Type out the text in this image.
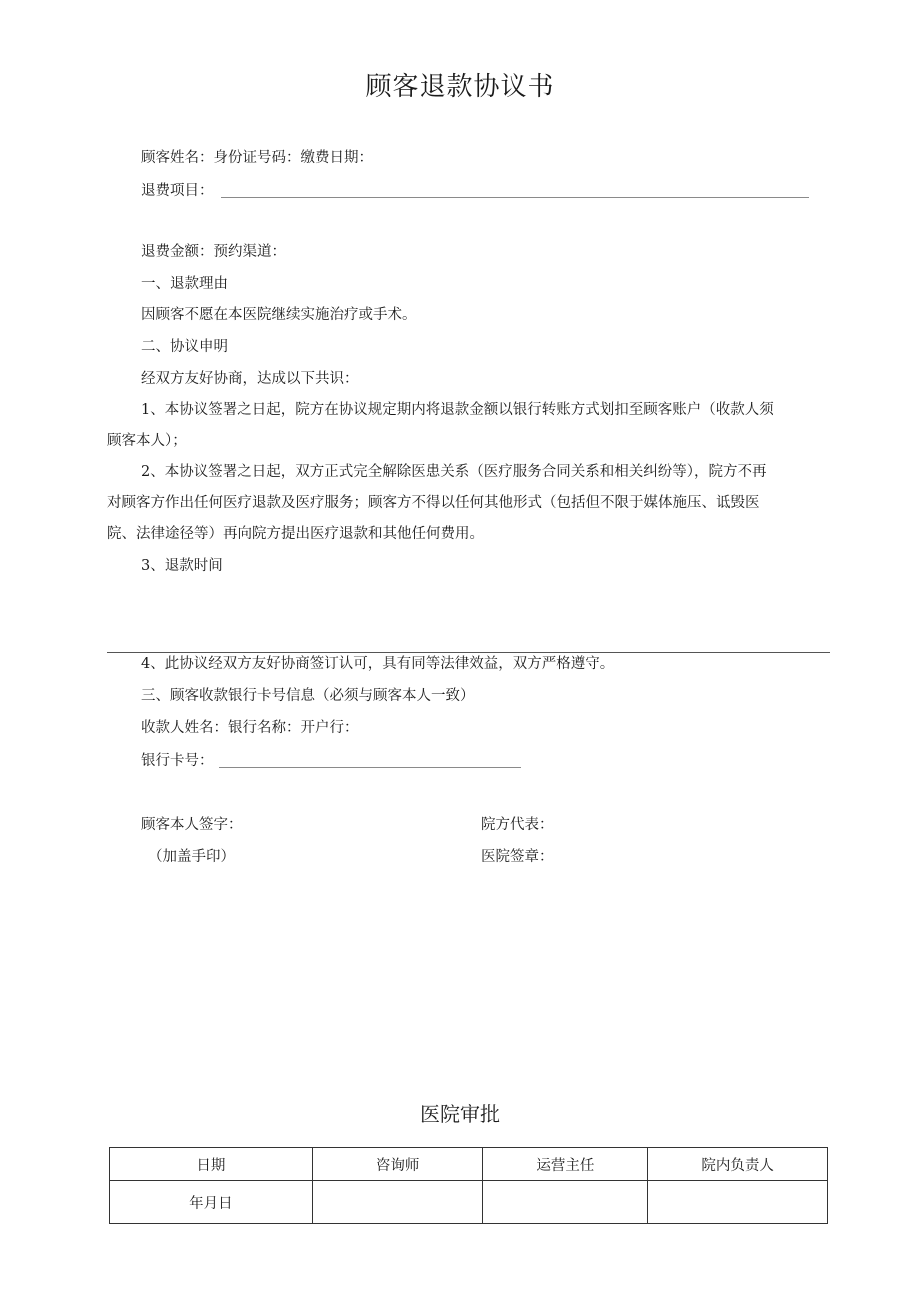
顾客退款协议书
顾客姓名：身份证号码：缴费日期：
退费项目：
退费金额：预约渠道：
一、退款理由
因顾客不愿在本医院继续实施治疗或手术。
二、协议申明
经双方友好协商，达成以下共识：
1、本协议签署之日起，院方在协议规定期内将退款金额以银行转账方式划扣至顾客账户（收款人须
顾客本人）；
2、本协议签署之日起，双方正式完全解除医患关系（医疗服务合同关系和相关纠纷等），院方不再
对顾客方作出任何医疗退款及医疗服务；顾客方不得以任何其他形式（包括但不限于媒体施压、诋毁医
院、法律途径等）再向院方提出医疗退款和其他任何费用。
3、退款时间
4、此协议经双方友好协商签订认可，具有同等法律效益，双方严格遵守。
三、顾客收款银行卡号信息（必须与顾客本人一致）
收款人姓名：银行名称：开户行：
银行卡号：
顾客本人签字：
（加盖手印）
院方代表：
医院签章：
医院审批
日期	咨询师	运营主任	院内负责人
年月日			
